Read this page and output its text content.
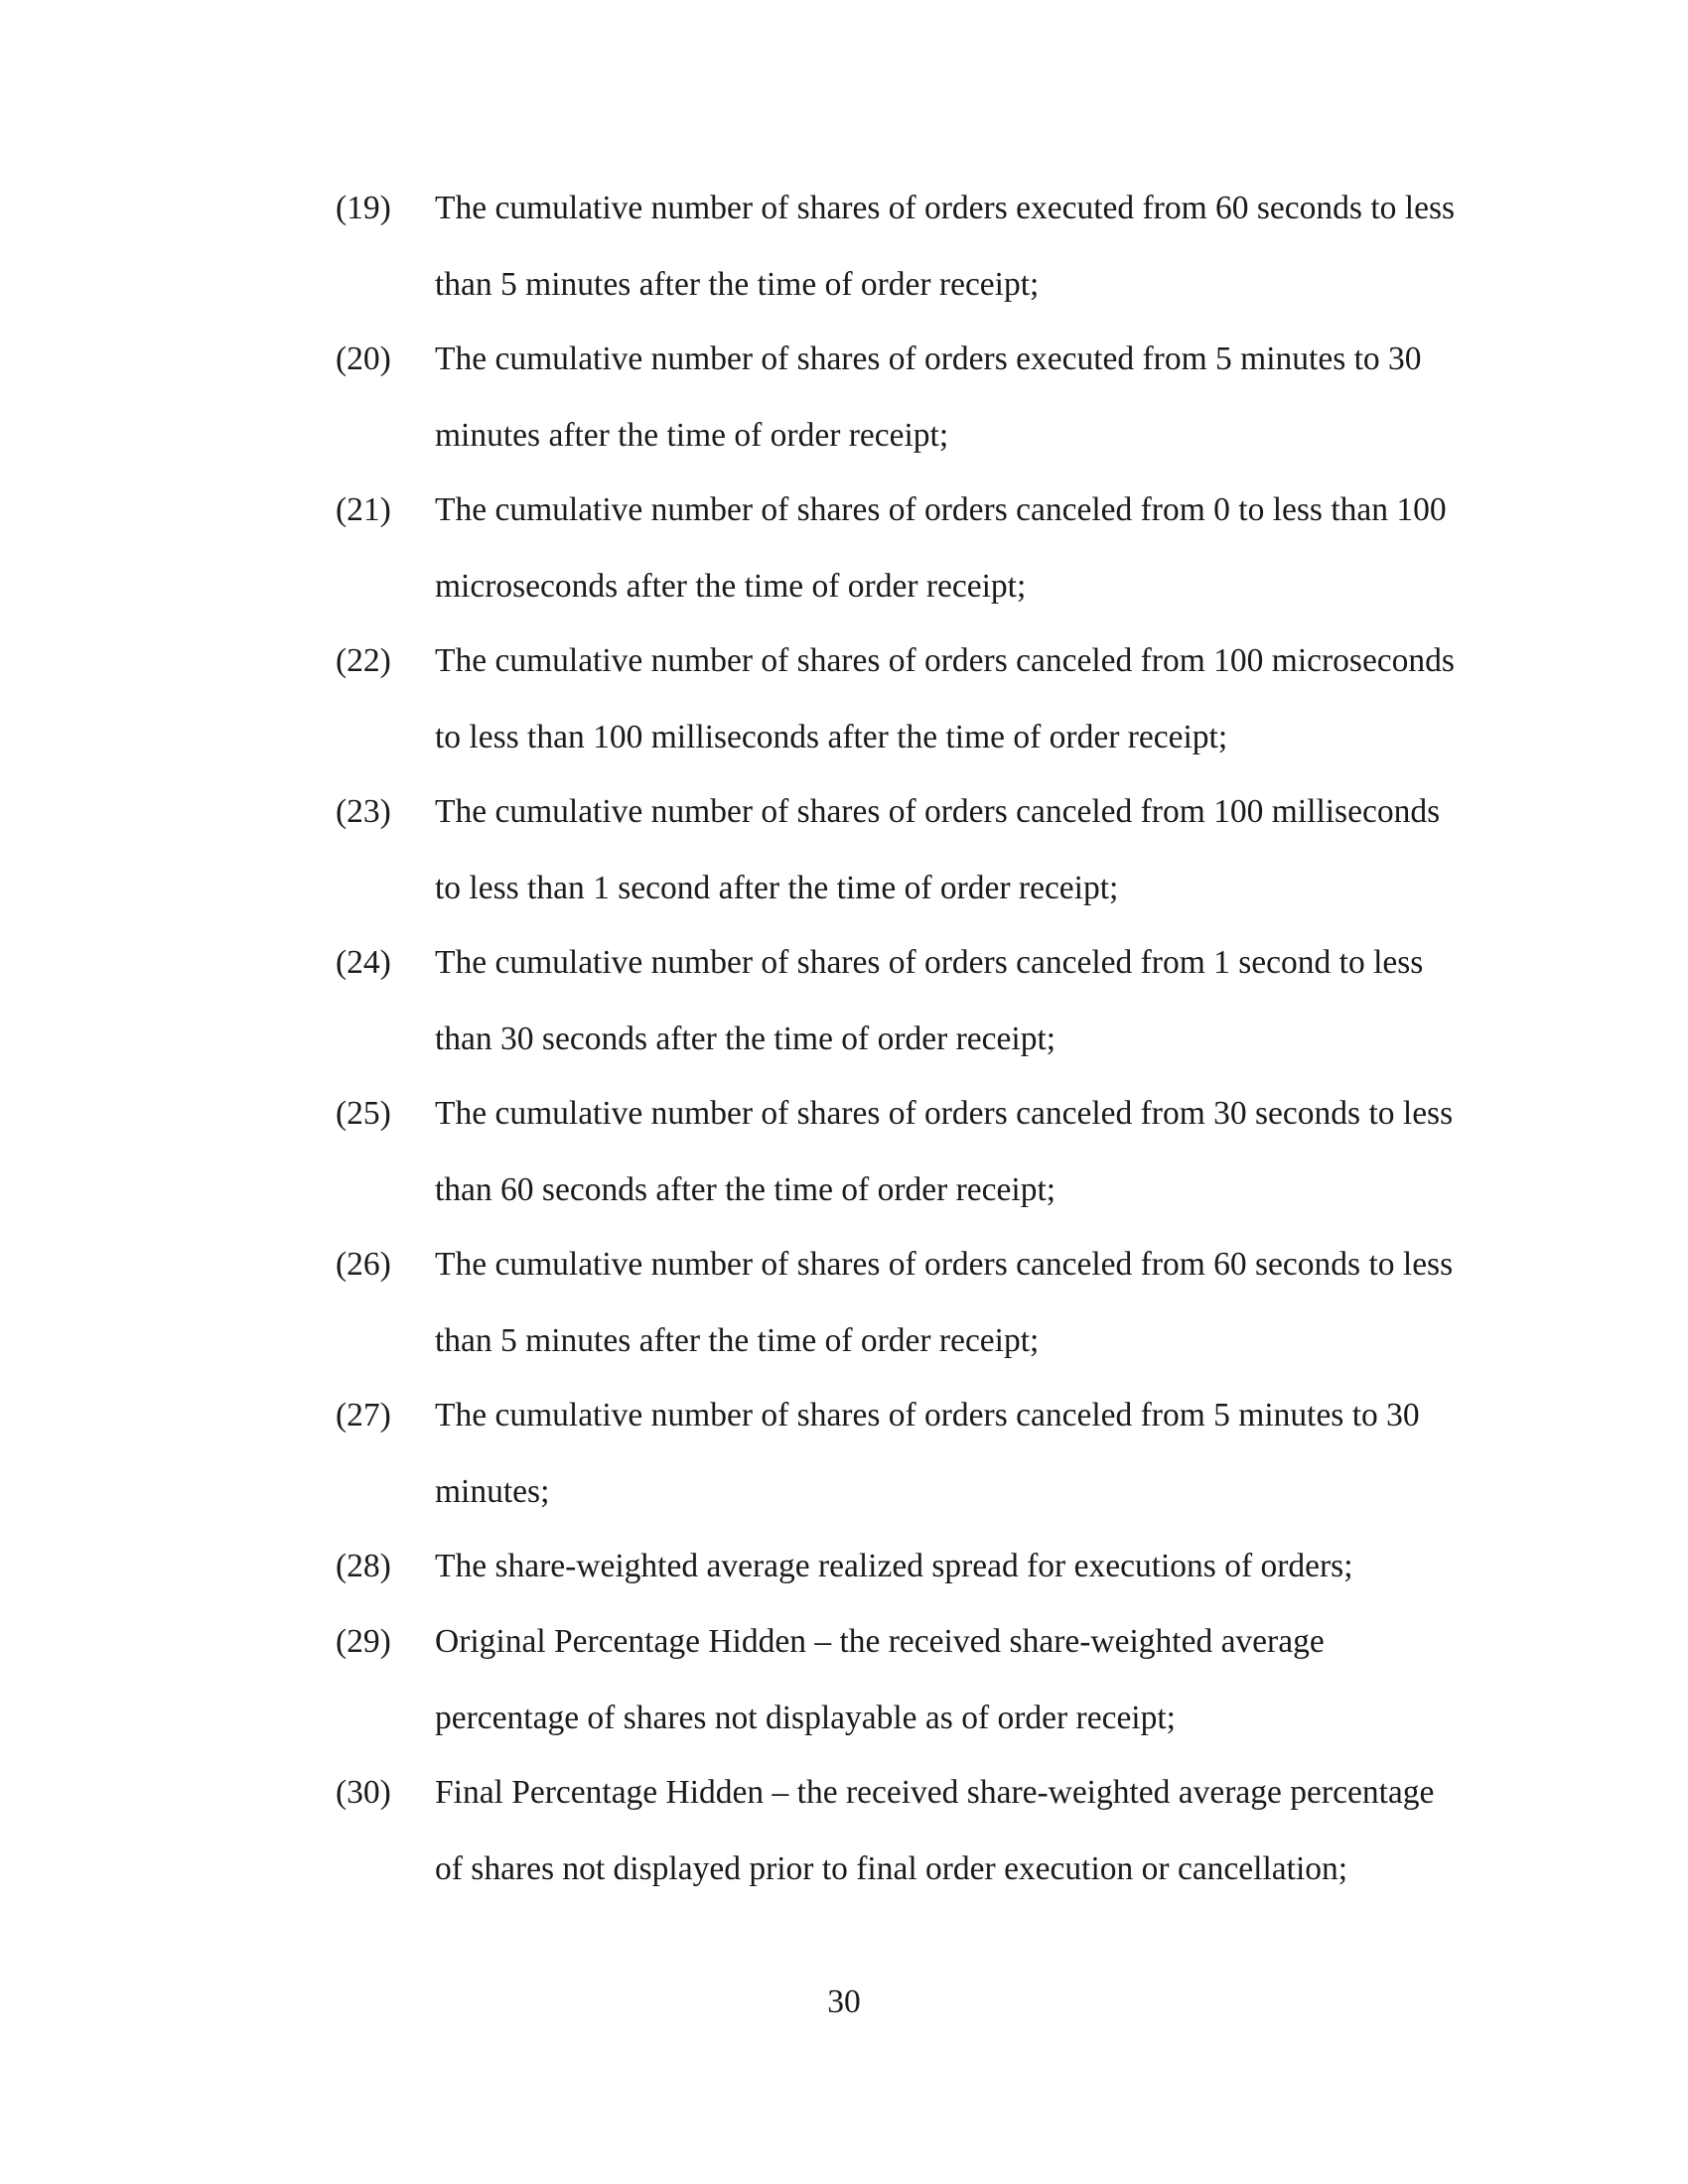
(19)	The cumulative number of shares of orders executed from 60 seconds to less than 5 minutes after the time of order receipt;
(20)	The cumulative number of shares of orders executed from 5 minutes to 30 minutes after the time of order receipt;
(21)	The cumulative number of shares of orders canceled from 0 to less than 100 microseconds after the time of order receipt;
(22)	The cumulative number of shares of orders canceled from 100 microseconds to less than 100 milliseconds after the time of order receipt;
(23)	The cumulative number of shares of orders canceled from 100 milliseconds to less than 1 second after the time of order receipt;
(24)	The cumulative number of shares of orders canceled from 1 second to less than 30 seconds after the time of order receipt;
(25)	The cumulative number of shares of orders canceled from 30 seconds to less than 60 seconds after the time of order receipt;
(26)	The cumulative number of shares of orders canceled from 60 seconds to less than 5 minutes after the time of order receipt;
(27)	The cumulative number of shares of orders canceled from 5 minutes to 30 minutes;
(28)	The share-weighted average realized spread for executions of orders;
(29)	Original Percentage Hidden – the received share-weighted average percentage of shares not displayable as of order receipt;
(30)	Final Percentage Hidden – the received share-weighted average percentage of shares not displayed prior to final order execution or cancellation;
30
